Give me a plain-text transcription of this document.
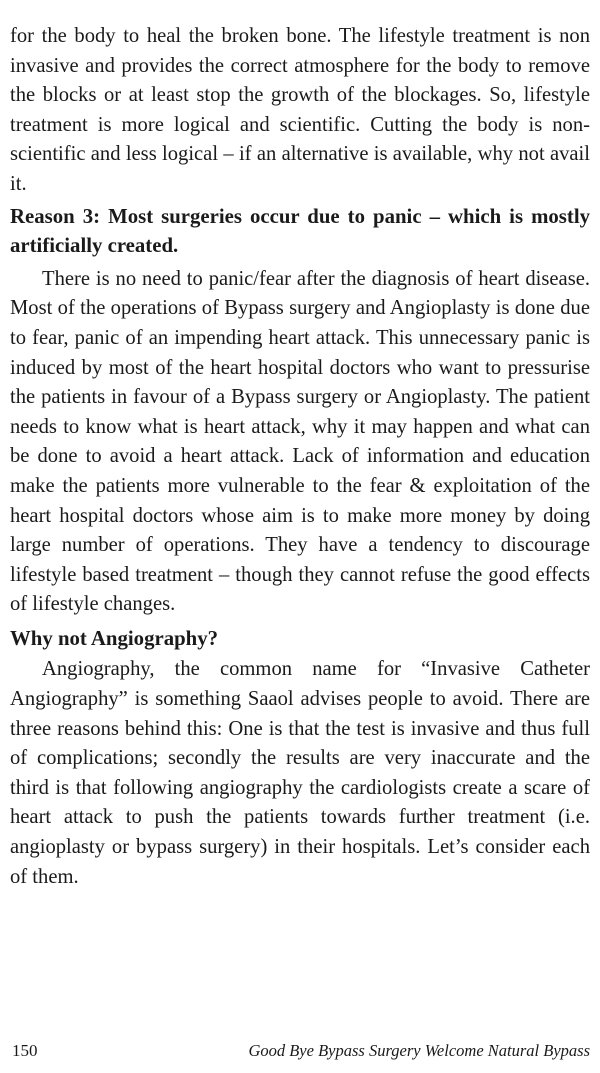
for the body to heal the broken bone. The lifestyle treatment is non invasive and provides the correct atmosphere for the body to remove the blocks or at least stop the growth of the blockages. So, lifestyle treatment is more logical and scientific. Cutting the body is non-scientific and less logical – if an alternative is available, why not avail it.

Reason 3: Most surgeries occur due to panic – which is mostly artificially created.

There is no need to panic/fear after the diagnosis of heart disease. Most of the operations of Bypass surgery and Angioplasty is done due to fear, panic of an impending heart attack. This unnecessary panic is induced by most of the heart hospital doctors who want to pressurise the patients in favour of a Bypass surgery or Angioplasty. The patient needs to know what is heart attack, why it may happen and what can be done to avoid a heart attack. Lack of information and education make the patients more vulnerable to the fear & exploitation of the heart hospital doctors whose aim is to make more money by doing large number of operations. They have a tendency to discourage lifestyle based treatment – though they cannot refuse the good effects of lifestyle changes.

Why not Angiography?

Angiography, the common name for “Invasive Catheter Angiography” is something Saaol advises people to avoid. There are three reasons behind this: One is that the test is invasive and thus full of complications; secondly the results are very inaccurate and the third is that following angiography the cardiologists create a scare of heart attack to push the patients towards further treatment (i.e. angioplasty or bypass surgery) in their hospitals. Let’s consider each of them.

150	Good Bye Bypass Surgery Welcome Natural Bypass
